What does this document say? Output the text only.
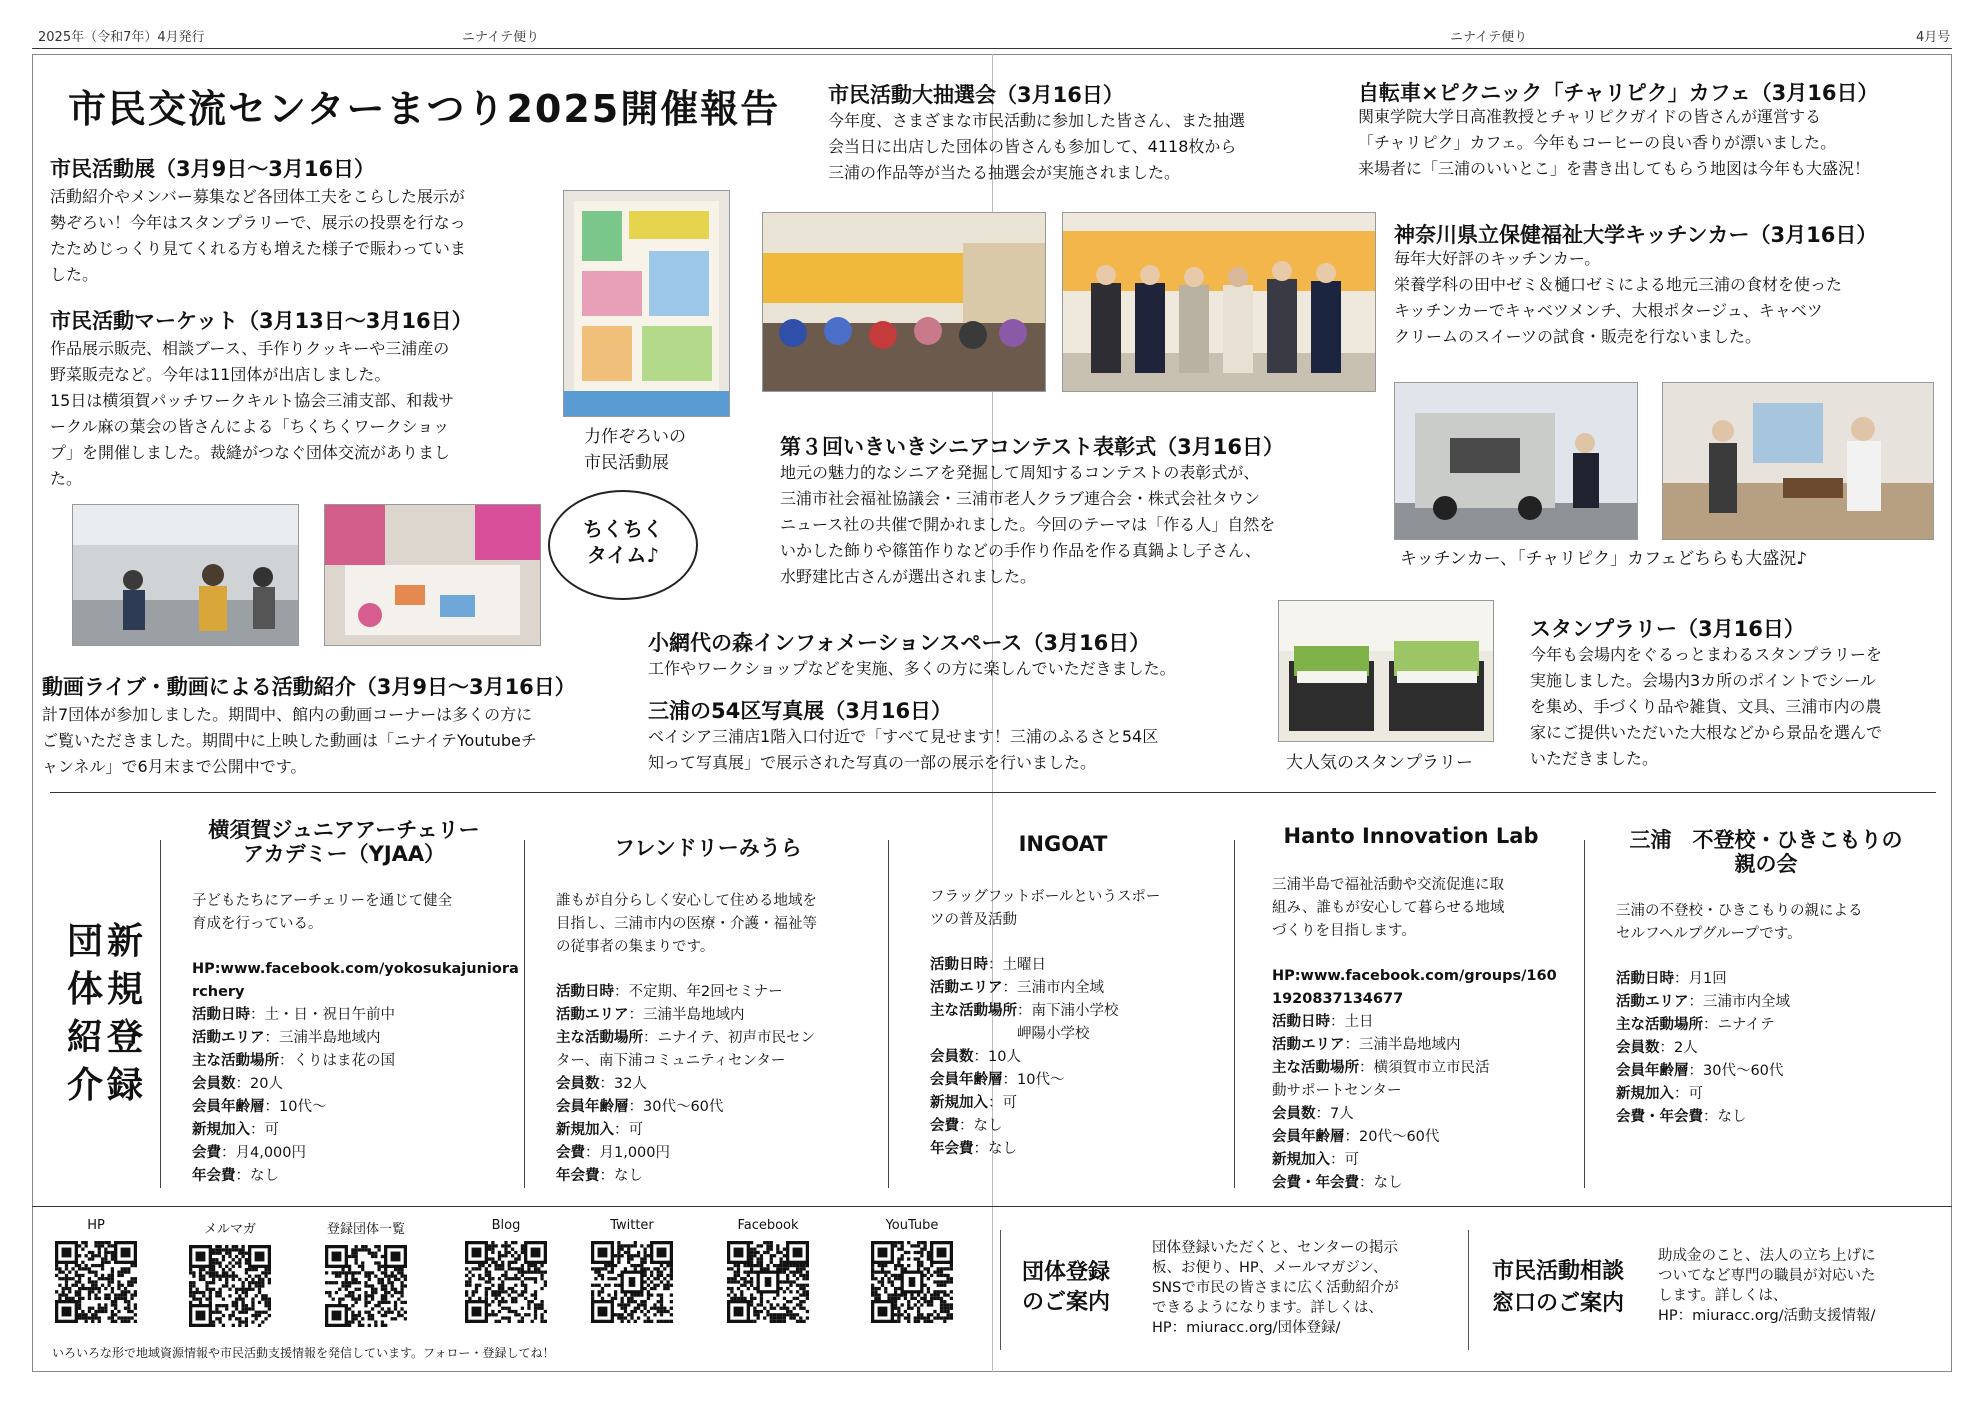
2025年（令和7年）4月発行	ニナイテ便り	ニナイテ便り	4月号
市民交流センターまつり2025開催報告
市民活動展（3月9日〜3月16日）
活動紹介やメンバー募集など各団体工夫をこらした展示が
勢ぞろい！今年はスタンプラリーで、展示の投票を行なっ
たためじっくり見てくれる方も増えた様子で賑わっていま
した。
市民活動マーケット（3月13日〜3月16日）
作品展示販売、相談ブース、手作りクッキーや三浦産の
野菜販売など。今年は11団体が出店しました。
15日は横須賀パッチワークキルト協会三浦支部、和裁サ
ークル麻の葉会の皆さんによる「ちくちくワークショッ
プ」を開催しました。裁縫がつなぐ団体交流がありまし
た。
力作ぞろいの
市民活動展
ちくちく
タイム♪
動画ライブ・動画による活動紹介（3月9日〜3月16日）
計7団体が参加しました。期間中、館内の動画コーナーは多くの方に
ご覧いただきました。期間中に上映した動画は「ニナイテYoutubeチ
ャンネル」で6月末まで公開中です。
市民活動大抽選会（3月16日）
今年度、さまざまな市民活動に参加した皆さん、また抽選
会当日に出店した団体の皆さんも参加して、4118枚から
三浦の作品等が当たる抽選会が実施されました。
第３回いきいきシニアコンテスト表彰式（3月16日）
地元の魅力的なシニアを発掘して周知するコンテストの表彰式が、
三浦市社会福祉協議会・三浦市老人クラブ連合会・株式会社タウン
ニュース社の共催で開かれました。今回のテーマは「作る人」自然を
いかした飾りや篠笛作りなどの手作り作品を作る真鍋よし子さん、
水野建比古さんが選出されました。
小網代の森インフォメーションスペース（3月16日）
工作やワークショップなどを実施、多くの方に楽しんでいただきました。
三浦の54区写真展（3月16日）
ベイシア三浦店1階入口付近で「すべて見せます！三浦のふるさと54区
知って写真展」で展示された写真の一部の展示を行いました。
自転車×ピクニック「チャリピク」カフェ（3月16日）
関東学院大学日高准教授とチャリピクガイドの皆さんが運営する
「チャリピク」カフェ。今年もコーヒーの良い香りが漂いました。
来場者に「三浦のいいとこ」を書き出してもらう地図は今年も大盛況！
神奈川県立保健福祉大学キッチンカー（3月16日）
毎年大好評のキッチンカー。
栄養学科の田中ゼミ＆樋口ゼミによる地元三浦の食材を使った
キッチンカーでキャベツメンチ、大根ポタージュ、キャベツ
クリームのスイーツの試食・販売を行ないました。
キッチンカー、「チャリピク」カフェどちらも大盛況♪
大人気のスタンプラリー
スタンプラリー（3月16日）
今年も会場内をぐるっとまわるスタンプラリーを
実施しました。会場内3カ所のポイントでシール
を集め、手づくり品や雑貨、文具、三浦市内の農
家にご提供いただいた大根などから景品を選んで
いただきました。
団新
体規
紹登
介録
横須賀ジュニアアーチェリー
アカデミー（YJAA）
子どもたちにアーチェリーを通じて健全
育成を行っている。
HP:www.facebook.com/yokosukajuniora
rchery
活動日時：土・日・祝日午前中
活動エリア：三浦半島地域内
主な活動場所：くりはま花の国
会員数：20人
会員年齢層：10代〜
新規加入：可
会費：月4,000円
年会費：なし
フレンドリーみうら
誰もが自分らしく安心して住める地域を
目指し、三浦市内の医療・介護・福祉等
の従事者の集まりです。
活動日時：不定期、年2回セミナー
活動エリア：三浦半島地域内
主な活動場所：ニナイテ、初声市民セン
ター、南下浦コミュニティセンター
会員数：32人
会員年齢層：30代〜60代
新規加入：可
会費：月1,000円
年会費：なし
INGOAT
フラッグフットボールというスポー
ツの普及活動
活動日時：土曜日
活動エリア：三浦市内全域
主な活動場所：南下浦小学校
　　　　　　岬陽小学校
会員数：10人
会員年齢層：10代〜
新規加入：可
会費：なし
年会費：なし
Hanto Innovation Lab
三浦半島で福祉活動や交流促進に取
組み、誰もが安心して暮らせる地域
づくりを目指します。
HP:www.facebook.com/groups/160
1920837134677
活動日時：土日
活動エリア：三浦半島地域内
主な活動場所：横須賀市立市民活
動サポートセンター
会員数：7人
会員年齢層：20代〜60代
新規加入：可
会費・年会費：なし
三浦　不登校・ひきこもりの
親の会
三浦の不登校・ひきこもりの親による
セルフヘルプグループです。
活動日時：月1回
活動エリア：三浦市内全域
主な活動場所：ニナイテ
会員数：2人
会員年齢層：30代〜60代
新規加入：可
会費・年会費：なし
HP	メルマガ	登録団体一覧	Blog	Twitter	Facebook	YouTube
いろいろな形で地域資源情報や市民活動支援情報を発信しています。フォロー・登録してね！
団体登録
のご案内
団体登録いただくと、センターの掲示
板、お便り、HP、メールマガジン、
SNSで市民の皆さまに広く活動紹介が
できるようになります。詳しくは、
HP：miuracc.org/団体登録/
市民活動相談
窓口のご案内
助成金のこと、法人の立ち上げに
ついてなど専門の職員が対応いた
します。詳しくは、
HP：miuracc.org/活動支援情報/
